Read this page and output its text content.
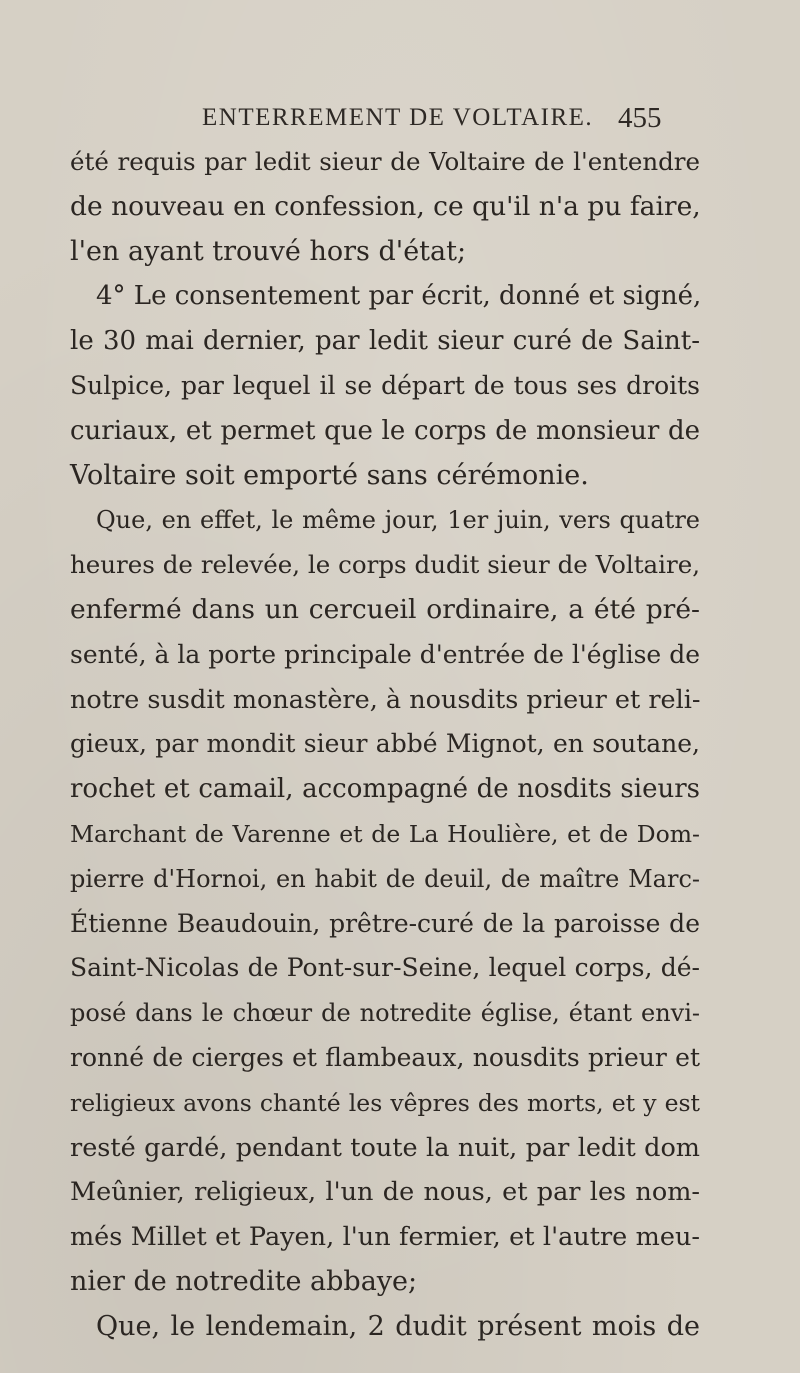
ENTERREMENT DE VOLTAIRE. 455
été requis par ledit sieur de Voltaire de l'entendre
de nouveau en confession, ce qu'il n'a pu faire,
l'en ayant trouvé hors d'état;
4° Le consentement par écrit, donné et signé,
le 30 mai dernier, par ledit sieur curé de Saint-
Sulpice, par lequel il se départ de tous ses droits
curiaux, et permet que le corps de monsieur de
Voltaire soit emporté sans cérémonie.
Que, en effet, le même jour, 1er juin, vers quatre
heures de relevée, le corps dudit sieur de Voltaire,
enfermé dans un cercueil ordinaire, a été pré-
senté, à la porte principale d'entrée de l'église de
notre susdit monastère, à nousdits prieur et reli-
gieux, par mondit sieur abbé Mignot, en soutane,
rochet et camail, accompagné de nosdits sieurs
Marchant de Varenne et de La Houlière, et de Dom-
pierre d'Hornoi, en habit de deuil, de maître Marc-
Étienne Beaudouin, prêtre-curé de la paroisse de
Saint-Nicolas de Pont-sur-Seine, lequel corps, dé-
posé dans le chœur de notredite église, étant envi-
ronné de cierges et flambeaux, nousdits prieur et
religieux avons chanté les vêpres des morts, et y est
resté gardé, pendant toute la nuit, par ledit dom
Meûnier, religieux, l'un de nous, et par les nom-
més Millet et Payen, l'un fermier, et l'autre meu-
nier de notredite abbaye;
Que, le lendemain, 2 dudit présent mois de
